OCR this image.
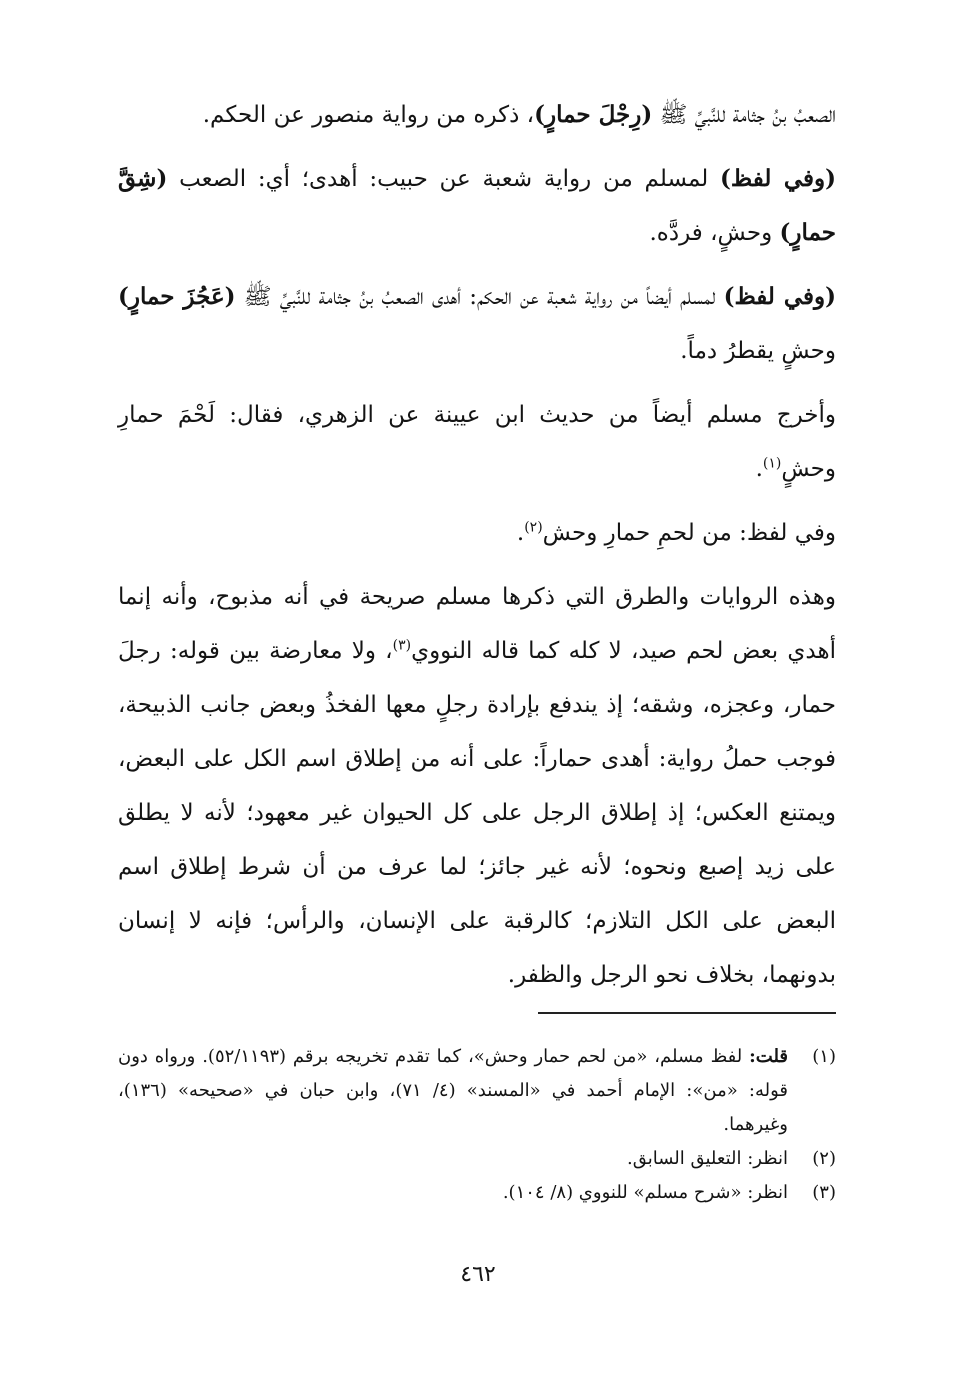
الصعبُ بنُ جثامة للنَّبيِّ ﷺ (رِجْلَ حمارٍ)، ذكره من رواية منصور عن الحكم.

(وفي لفظ) لمسلم من رواية شعبة عن حبيب: أهدى؛ أي: الصعب (شِقَّ حمارٍ) وحشٍ، فردَّه.

(وفي لفظ) لمسلم أيضاً من رواية شعبة عن الحكم: أهدى الصعبُ بنُ جثامة للنَّبيِّ ﷺ (عَجُزَ حمارٍ) وحشٍ يقطرُ دماً.

وأخرج مسلم أيضاً من حديث ابن عيينة عن الزهري، فقال: لَحْمَ حمارِ وحشٍ$^{(١)}$.

وفي لفظ: من لحمِ حمارِ وحش$^{(٢)}$.

وهذه الروايات والطرق التي ذكرها مسلم صريحة في أنه مذبوح، وأنه إنما أهدي بعض لحم صيد، لا كله كما قاله النووي$^{(٣)}$، ولا معارضة بين قوله: رجلَ حمار، وعجزه، وشقه؛ إذ يندفع بإرادة رجلٍ معها الفخذُ وبعض جانب الذبيحة، فوجب حملُ رواية: أهدى حماراً: على أنه من إطلاق اسم الكل على البعض، ويمتنع العكس؛ إذ إطلاق الرجل على كل الحيوان غير معهود؛ لأنه لا يطلق على زيد إصبع ونحوه؛ لأنه غير جائز؛ لما عرف من أن شرط إطلاق اسم البعض على الكل التلازم؛ كالرقبة على الإنسان، والرأس؛ فإنه لا إنسان بدونهما، بخلاف نحو الرجل والظفر.

(١)
قلت: لفظ مسلم، «من لحم حمار وحش»، كما تقدم تخريجه برقم (٥٢/١١٩٣). ورواه دون قوله: «من»: الإمام أحمد في «المسند» (٤/ ٧١)، وابن حبان في «صحيحه» (١٣٦)، وغيرهما.
(٢)
انظر: التعليق السابق.
(٣)
انظر: «شرح مسلم» للنووي (٨/ ١٠٤).
٤٦٢
